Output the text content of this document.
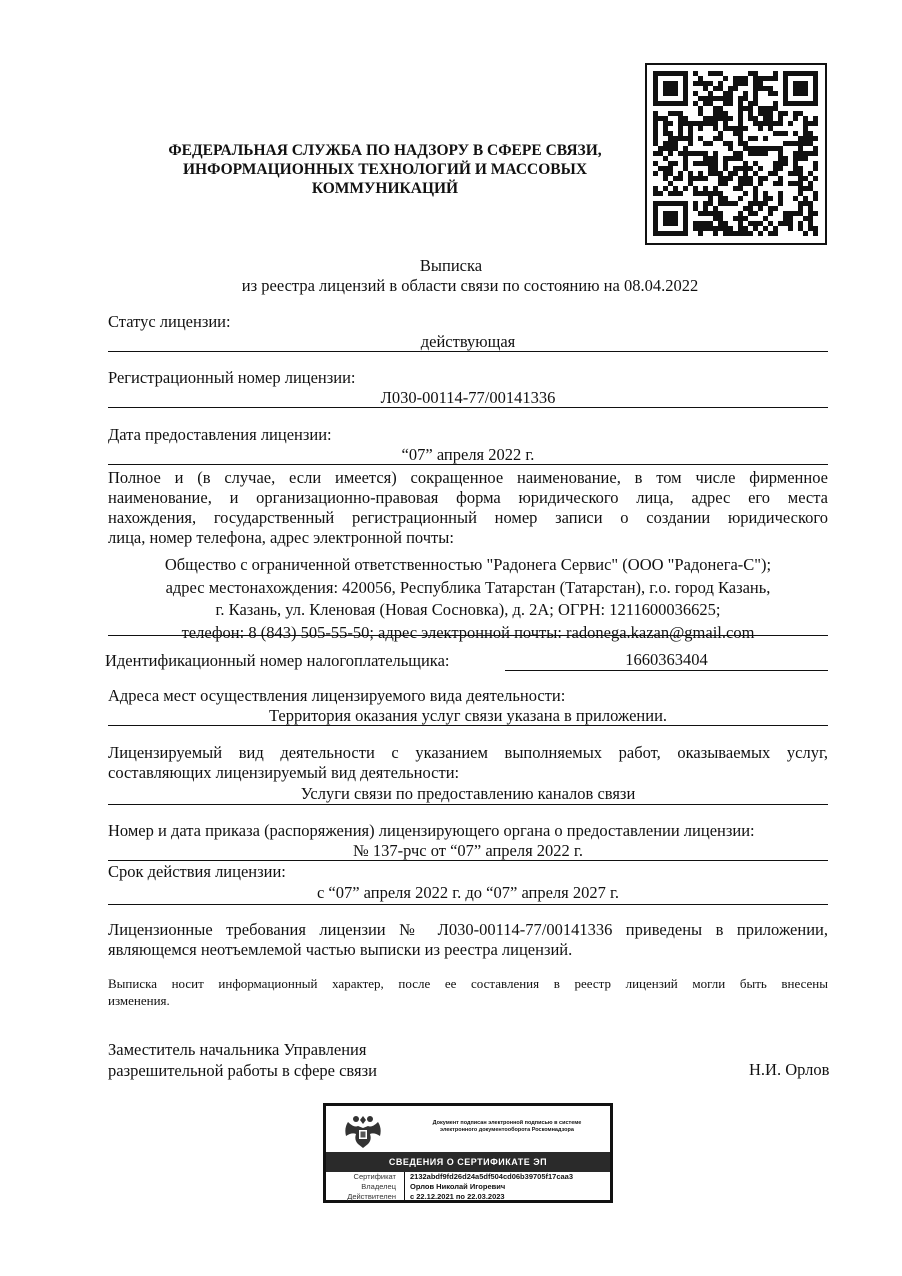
ФЕДЕРАЛЬНАЯ СЛУЖБА ПО НАДЗОРУ В СФЕРЕ СВЯЗИ,
ИНФОРМАЦИОННЫХ ТЕХНОЛОГИЙ И МАССОВЫХ
КОММУНИКАЦИЙ
Выписка
из реестра лицензий в области связи по состоянию на 08.04.2022
Статус лицензии:
действующая
Регистрационный номер лицензии:
Л030-00114-77/00141336
Дата предоставления лицензии:
“07” апреля 2022 г.
Полное и (в случае, если имеется) сокращенное наименование, в том числе фирменное
наименование, и организационно-правовая форма юридического лица, адрес его места
нахождения, государственный регистрационный номер записи о создании юридического
лица, номер телефона, адрес электронной почты:
Общество с ограниченной ответственностью "Радонега Сервис" (ООО "Радонега-С");
адрес местонахождения: 420056, Республика Татарстан (Татарстан), г.о. город Казань,
г. Казань, ул. Кленовая (Новая Сосновка), д. 2А; ОГРН: 1211600036625;
телефон: 8 (843) 505-55-50; адрес электронной почты: radonega.kazan@gmail.com
Идентификационный номер налогоплательщика:	1660363404
Адреса мест осуществления лицензируемого вида деятельности:
Территория оказания услуг связи указана в приложении.
Лицензируемый вид деятельности с указанием выполняемых работ, оказываемых услуг,
составляющих лицензируемый вид деятельности:
Услуги связи по предоставлению каналов связи
Номер и дата приказа (распоряжения) лицензирующего органа о предоставлении лицензии:
№ 137-рчс от “07” апреля 2022 г.
Срок действия лицензии:
с “07” апреля 2022 г. до “07” апреля 2027 г.
Лицензионные требования лицензии № Л030-00114-77/00141336 приведены в приложении,
являющемся неотъемлемой частью выписки из реестра лицензий.
Выписка носит информационный характер, после ее составления в реестр лицензий могли быть внесены
изменения.
Заместитель начальника Управления
разрешительной работы в сфере связи	Н.И. Орлов
Документ подписан электронной подписью в системе
электронного документооборота Роскомнадзора
СВЕДЕНИЯ О СЕРТИФИКАТЕ ЭП
Сертификат 2132abdf9fd26d24a5df504cd06b39705f17caa3
Владелец Орлов Николай Игоревич
Действителен с 22.12.2021 по 22.03.2023
